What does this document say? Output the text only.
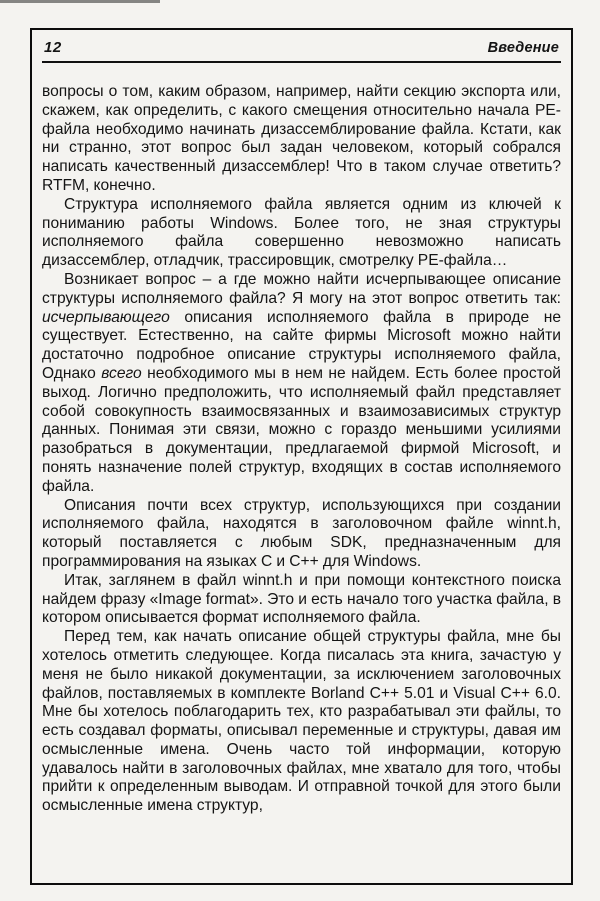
12	Введение

вопросы о том, каким образом, например, найти секцию экспорта или, скажем, как определить, с какого смещения относительно начала PE-файла необходимо начинать дизассемблирование файла. Кстати, как ни странно, этот вопрос был задан человеком, который собрался написать качественный дизассемблер! Что в таком случае ответить? RTFM, конечно.

Структура исполняемого файла является одним из ключей к пониманию работы Windows. Более того, не зная структуры исполняемого файла совершенно невозможно написать дизассемблер, отладчик, трассировщик, смотрелку PE-файла…

Возникает вопрос – а где можно найти исчерпывающее описание структуры исполняемого файла? Я могу на этот вопрос ответить так: исчерпывающего описания исполняемого файла в природе не существует. Естественно, на сайте фирмы Microsoft можно найти достаточно подробное описание структуры исполняемого файла, Однако всего необходимого мы в нем не найдем. Есть более простой выход. Логично предположить, что исполняемый файл представляет собой совокупность взаимосвязанных и взаимозависимых структур данных. Понимая эти связи, можно с гораздо меньшими усилиями разобраться в документации, предлагаемой фирмой Microsoft, и понять назначение полей структур, входящих в состав исполняемого файла.

Описания почти всех структур, использующихся при создании исполняемого файла, находятся в заголовочном файле winnt.h, который поставляется с любым SDK, предназначенным для программирования на языках C и C++ для Windows.

Итак, заглянем в файл winnt.h и при помощи контекстного поиска найдем фразу «Image format». Это и есть начало того участка файла, в котором описывается формат исполняемого файла.

Перед тем, как начать описание общей структуры файла, мне бы хотелось отметить следующее. Когда писалась эта книга, зачастую у меня не было никакой документации, за исключением заголовочных файлов, поставляемых в комплекте Borland C++ 5.01 и Visual C++ 6.0. Мне бы хотелось поблагодарить тех, кто разрабатывал эти файлы, то есть создавал форматы, описывал переменные и структуры, давая им осмысленные имена. Очень часто той информации, которую удавалось найти в заголовочных файлах, мне хватало для того, чтобы прийти к определенным выводам. И отправной точкой для этого были осмысленные имена структур,
